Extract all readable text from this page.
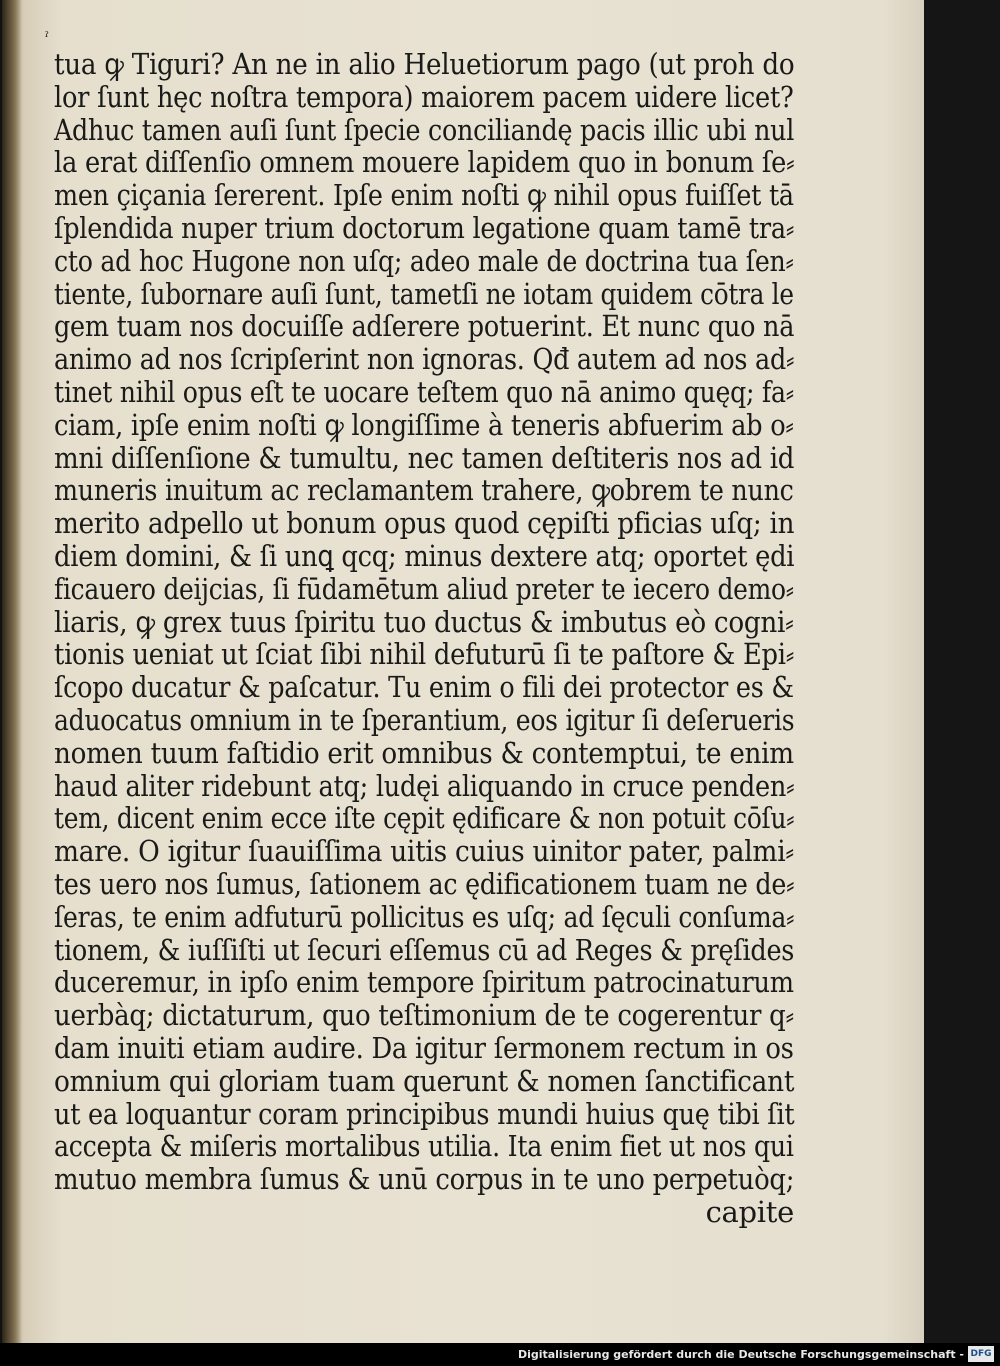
ˀ
tua ꝙ Tiguri? An ne in alio Heluetiorum pago (ut proh do
lor ſunt hęc noſtra tempora) maiorem pacem uidere licet?
Adhuc tamen auſi ſunt ſpecie conciliandę pacis illic ubi nul
la erat diſſenſio omnem mouere lapidem quo in bonum ſe⸗
men çiçania ſererent. Ipſe enim noſti ꝙ nihil opus fuiſſet tā
ſplendida nuper trium doctorum legatione quam tamē tra⸗
cto ad hoc Hugone non uſq; adeo male de doctrina tua ſen⸗
tiente, ſubornare auſi ſunt, tametſi ne iotam quidem cōtra le
gem tuam nos docuiſſe adſerere potuerint. Et nunc quo nā
animo ad nos ſcripſerint non ignoras. Qđ autem ad nos ad⸗
tinet nihil opus eſt te uocare teſtem quo nā animo quęq; fa⸗
ciam, ipſe enim noſti ꝙ longiſſime à teneris abfuerim ab o⸗
mni diſſenſione & tumultu, nec tamen deſtiteris nos ad id
muneris inuitum ac reclamantem trahere, ꝙobrem te nunc
merito adpello ut bonum opus quod cępiſti pficias uſq; in
diem domini, & ſi unꝗ qcq; minus dextere atq; oportet ędi
ficauero deijcias, ſi fūdamētum aliud preter te iecero demo⸗
liaris, ꝙ grex tuus ſpiritu tuo ductus & imbutus eò cogni⸗
tionis ueniat ut ſciat ſibi nihil defuturū ſi te paſtore & Epi⸗
ſcopo ducatur & paſcatur. Tu enim o fili dei protector es &
aduocatus omnium in te ſperantium, eos igitur ſi deſerueris
nomen tuum faſtidio erit omnibus & contemptui, te enim
haud aliter ridebunt atq; ludęi aliquando in cruce penden⸗
tem, dicent enim ecce iſte cępit ędificare & non potuit cōſu⸗
mare. O igitur ſuauiſſima uitis cuius uinitor pater, palmi⸗
tes uero nos ſumus, ſationem ac ędificationem tuam ne de⸗
ſeras, te enim adfuturū pollicitus es uſq; ad ſęculi conſuma⸗
tionem, & iuſſiſti ut ſecuri eſſemus cū ad Reges & pręſides
duceremur, in ipſo enim tempore ſpiritum patrocinaturum
uerbàq; dictaturum, quo teſtimonium de te cogerentur q⸗
dam inuiti etiam audire. Da igitur ſermonem rectum in os
omnium qui gloriam tuam querunt & nomen ſanctificant
ut ea loquantur coram principibus mundi huius quę tibi ſit
accepta & miſeris mortalibus utilia. Ita enim fiet ut nos qui
mutuo membra ſumus & unū corpus in te uno perpetuòq;
capite
Digitalisierung gefördert durch die Deutsche Forschungsgemeinschaft - DFG
